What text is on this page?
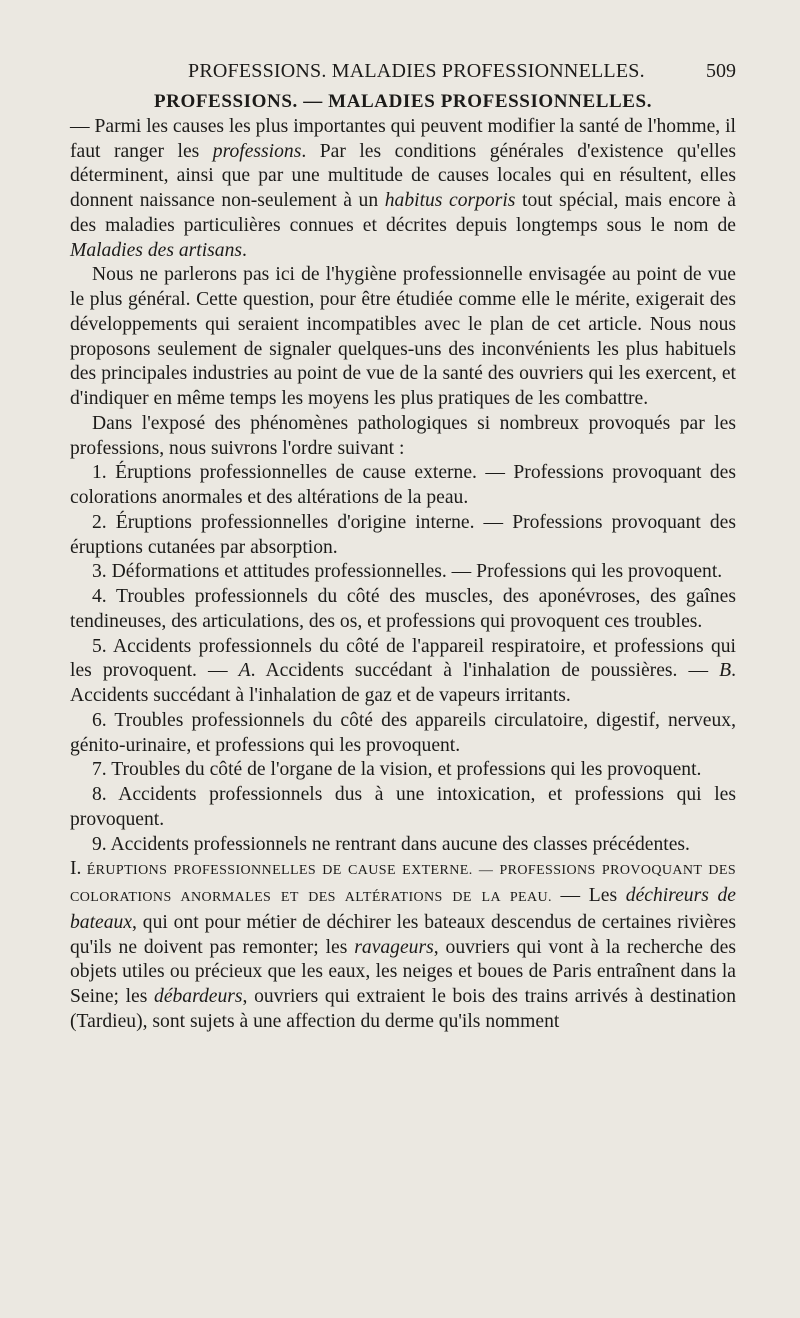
PROFESSIONS. MALADIES PROFESSIONNELLES.	509
PROFESSIONS. — MALADIES PROFESSIONNELLES.

— Parmi les causes les plus importantes qui peuvent modifier la santé de l'homme, il faut ranger les professions. Par les conditions générales d'existence qu'elles déterminent, ainsi que par une multitude de causes locales qui en résultent, elles donnent naissance non-seulement à un habitus corporis tout spécial, mais encore à des maladies particulières connues et décrites depuis longtemps sous le nom de Maladies des artisans.

Nous ne parlerons pas ici de l'hygiène professionnelle envisagée au point de vue le plus général. Cette question, pour être étudiée comme elle le mérite, exigerait des développements qui seraient incompatibles avec le plan de cet article. Nous nous proposons seulement de signaler quelques-uns des inconvénients les plus habituels des principales industries au point de vue de la santé des ouvriers qui les exercent, et d'indiquer en même temps les moyens les plus pratiques de les combattre.

Dans l'exposé des phénomènes pathologiques si nombreux provoqués par les professions, nous suivrons l'ordre suivant :

1. Éruptions professionnelles de cause externe. — Professions provoquant des colorations anormales et des altérations de la peau.

2. Éruptions professionnelles d'origine interne. — Professions provoquant des éruptions cutanées par absorption.

3. Déformations et attitudes professionnelles. — Professions qui les provoquent.

4. Troubles professionnels du côté des muscles, des aponévroses, des gaînes tendineuses, des articulations, des os, et professions qui provoquent ces troubles.

5. Accidents professionnels du côté de l'appareil respiratoire, et professions qui les provoquent. — A. Accidents succédant à l'inhalation de poussières. — B. Accidents succédant à l'inhalation de gaz et de vapeurs irritants.

6. Troubles professionnels du côté des appareils circulatoire, digestif, nerveux, génito-urinaire, et professions qui les provoquent.

7. Troubles du côté de l'organe de la vision, et professions qui les provoquent.

8. Accidents professionnels dus à une intoxication, et professions qui les provoquent.

9. Accidents professionnels ne rentrant dans aucune des classes précédentes.

I. ÉRUPTIONS PROFESSIONNELLES DE CAUSE EXTERNE. — PROFESSIONS PROVOQUANT DES COLORATIONS ANORMALES ET DES ALTÉRATIONS DE LA PEAU. — Les déchireurs de bateaux, qui ont pour métier de déchirer les bateaux descendus de certaines rivières qu'ils ne doivent pas remonter; les ravageurs, ouvriers qui vont à la recherche des objets utiles ou précieux que les eaux, les neiges et boues de Paris entraînent dans la Seine; les débardeurs, ouvriers qui extraient le bois des trains arrivés à destination (Tardieu), sont sujets à une affection du derme qu'ils nomment
